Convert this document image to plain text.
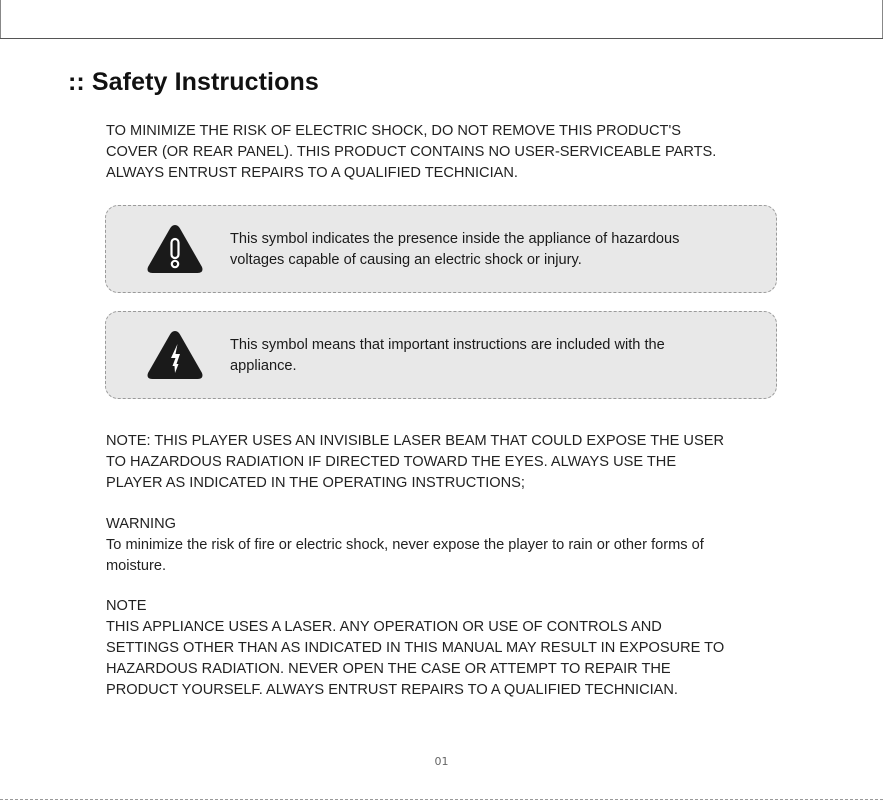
:: Safety Instructions

TO MINIMIZE THE RISK OF ELECTRIC SHOCK, DO NOT REMOVE THIS PRODUCT'S
COVER (OR REAR PANEL). THIS PRODUCT CONTAINS NO USER-SERVICEABLE PARTS.
ALWAYS ENTRUST REPAIRS TO A QUALIFIED TECHNICIAN.

This symbol indicates the presence inside the appliance of hazardous
voltages capable of causing an electric shock or injury.
This symbol means that important instructions are included with the
appliance.

NOTE: THIS PLAYER USES AN INVISIBLE LASER BEAM THAT COULD EXPOSE THE USER
TO HAZARDOUS RADIATION IF DIRECTED TOWARD THE EYES. ALWAYS USE THE
PLAYER AS INDICATED IN THE OPERATING INSTRUCTIONS;

WARNING

To minimize the risk of fire or electric shock, never expose the player to rain or other forms of
moisture.

NOTE

THIS APPLIANCE USES A LASER. ANY OPERATION OR USE OF CONTROLS AND
SETTINGS OTHER THAN AS INDICATED IN THIS MANUAL MAY RESULT IN EXPOSURE TO
HAZARDOUS RADIATION. NEVER OPEN THE CASE OR ATTEMPT TO REPAIR THE
PRODUCT YOURSELF. ALWAYS ENTRUST REPAIRS TO A QUALIFIED TECHNICIAN.

01
